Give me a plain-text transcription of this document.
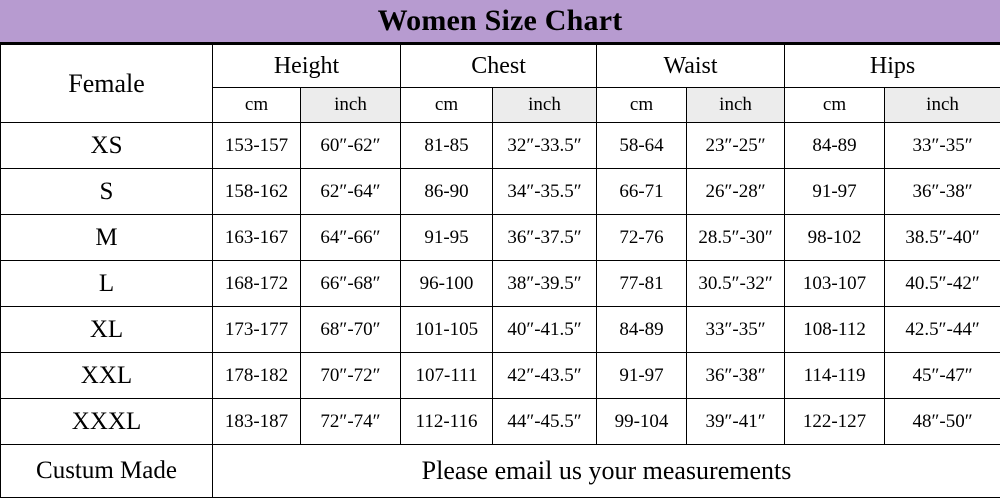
Women Size Chart
Female	Height		Chest		Waist		Hips	
	cm	inch	cm	inch	cm	inch	cm	inch
XS	153-157	60″-62″	81-85	32″-33.5″	58-64	23″-25″	84-89	33″-35″
S	158-162	62″-64″	86-90	34″-35.5″	66-71	26″-28″	91-97	36″-38″
M	163-167	64″-66″	91-95	36″-37.5″	72-76	28.5″-30″	98-102	38.5″-40″
L	168-172	66″-68″	96-100	38″-39.5″	77-81	30.5″-32″	103-107	40.5″-42″
XL	173-177	68″-70″	101-105	40″-41.5″	84-89	33″-35″	108-112	42.5″-44″
XXL	178-182	70″-72″	107-111	42″-43.5″	91-97	36″-38″	114-119	45″-47″
XXXL	183-187	72″-74″	112-116	44″-45.5″	99-104	39″-41″	122-127	48″-50″
Custum Made	Please email us your measurements							
